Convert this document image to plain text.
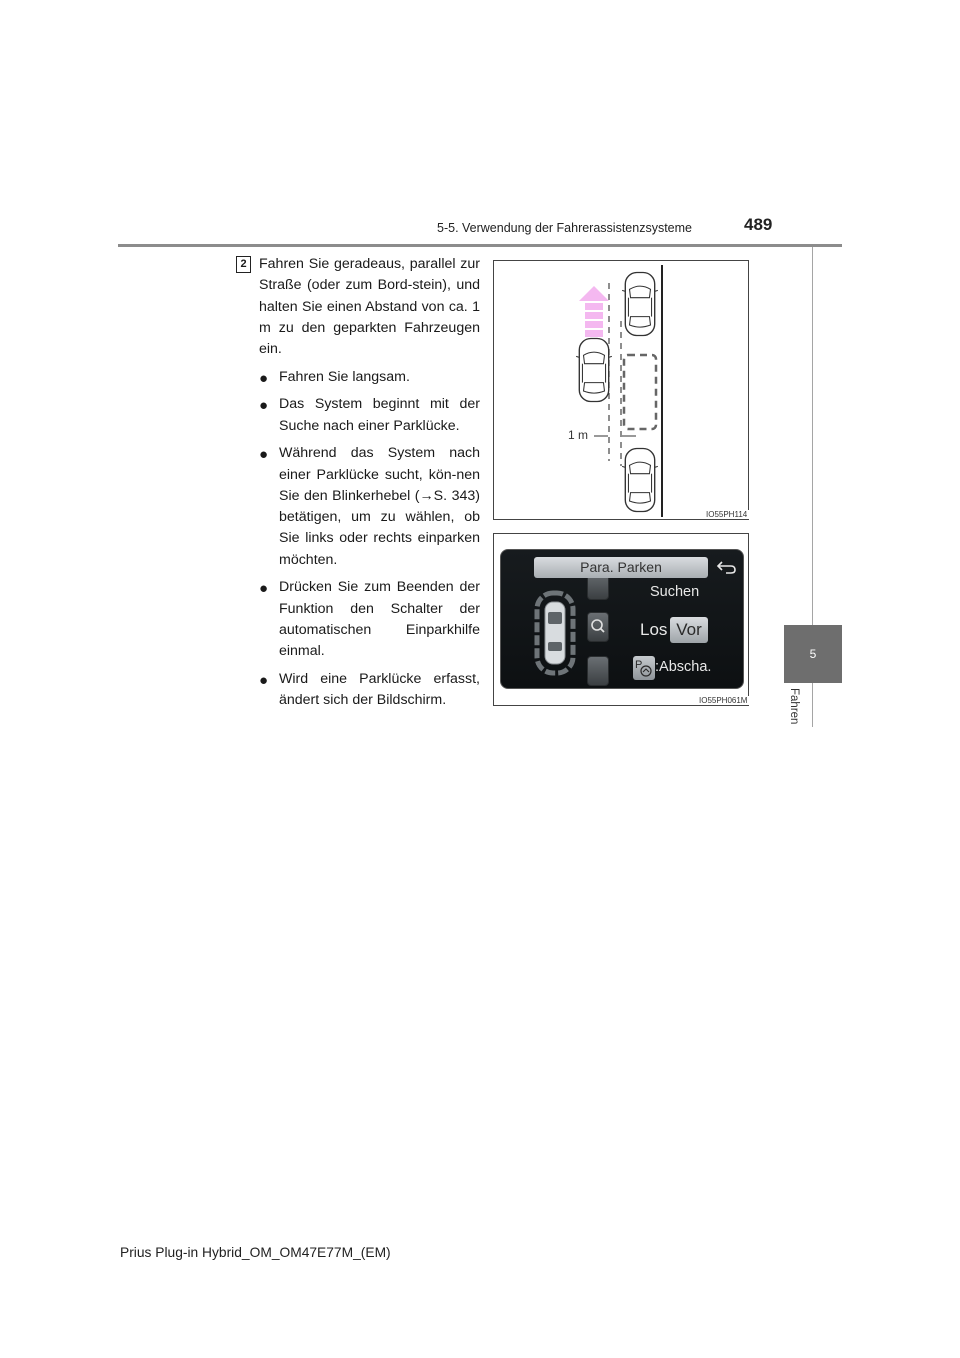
5-5. Verwendung der Fahrerassistenzsysteme	489
5
Fahren
2 Fahren Sie geradeaus, parallel zur Straße (oder zum Bord-stein), und halten Sie einen Abstand von ca. 1 m zu den geparkten Fahrzeugen ein.

● Fahren Sie langsam.
● Das System beginnt mit der Suche nach einer Parklücke.
● Während das System nach einer Parklücke sucht, kön-nen Sie den Blinkerhebel (→S. 343) betätigen, um zu wählen, ob Sie links oder rechts einparken möchten.
● Drücken Sie zum Beenden der Funktion den Schalter der automatischen Einparkhilfe einmal.
● Wird eine Parklücke erfasst, ändert sich der Bildschirm.
1 m
IO55PH114
Para. Parken
Suchen
Los Vor
P :Abscha.
IO55PH061M
Prius Plug-in Hybrid_OM_OM47E77M_(EM)
